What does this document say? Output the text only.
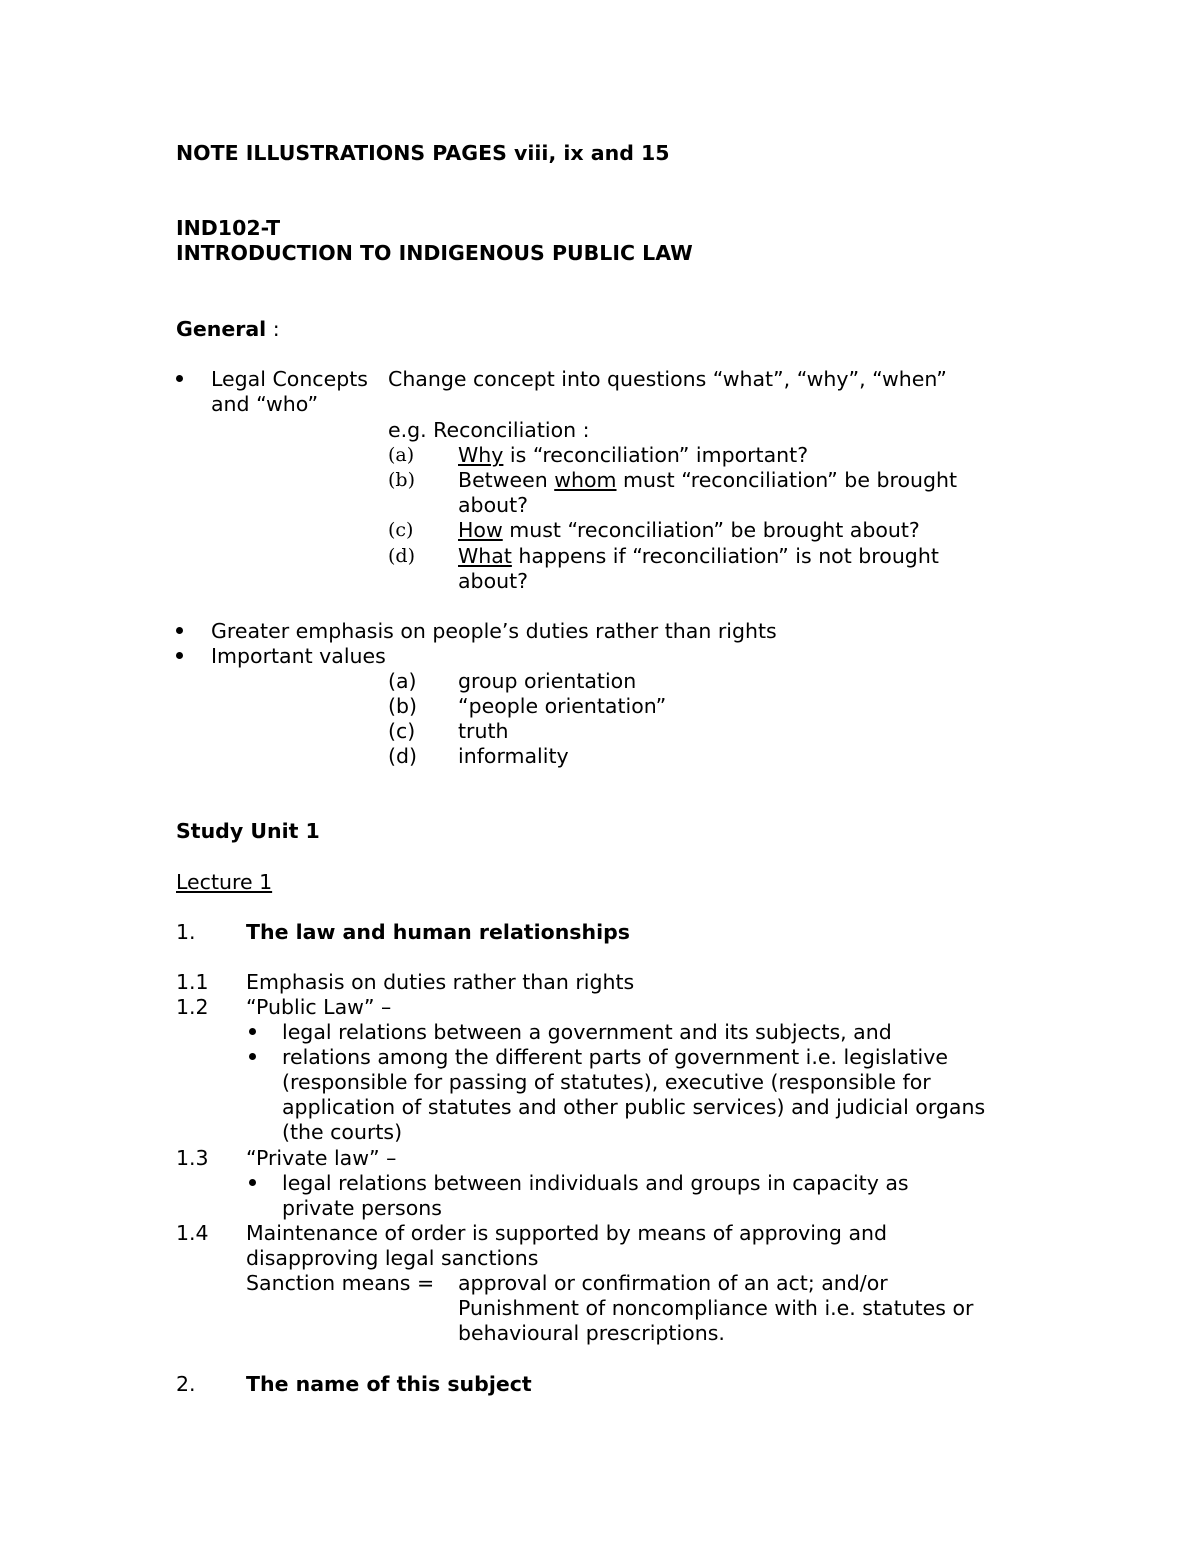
NOTE ILLUSTRATIONS PAGES viii, ix and 15
IND102-T
INTRODUCTION TO INDIGENOUS PUBLIC LAW
General :
Legal Concepts Change concept into questions “what”, “why”, “when”
and “who”
e.g. Reconciliation :
(a) Why is “reconciliation” important?
(b) Between whom must “reconciliation” be brought
about?
(c) How must “reconciliation” be brought about?
(d) What happens if “reconciliation” is not brought
about?
Greater emphasis on people’s duties rather than rights
Important values
(a) group orientation
(b) “people orientation”
(c) truth
(d) informality
Study Unit 1
Lecture 1
1. The law and human relationships
1.1 Emphasis on duties rather than rights
1.2 “Public Law” –
legal relations between a government and its subjects, and
relations among the different parts of government i.e. legislative
(responsible for passing of statutes), executive (responsible for
application of statutes and other public services) and judicial organs
(the courts)
1.3 “Private law” –
legal relations between individuals and groups in capacity as
private persons
1.4 Maintenance of order is supported by means of approving and
disapproving legal sanctions
Sanction means = approval or confirmation of an act; and/or
Punishment of noncompliance with i.e. statutes or
behavioural prescriptions.
2. The name of this subject
